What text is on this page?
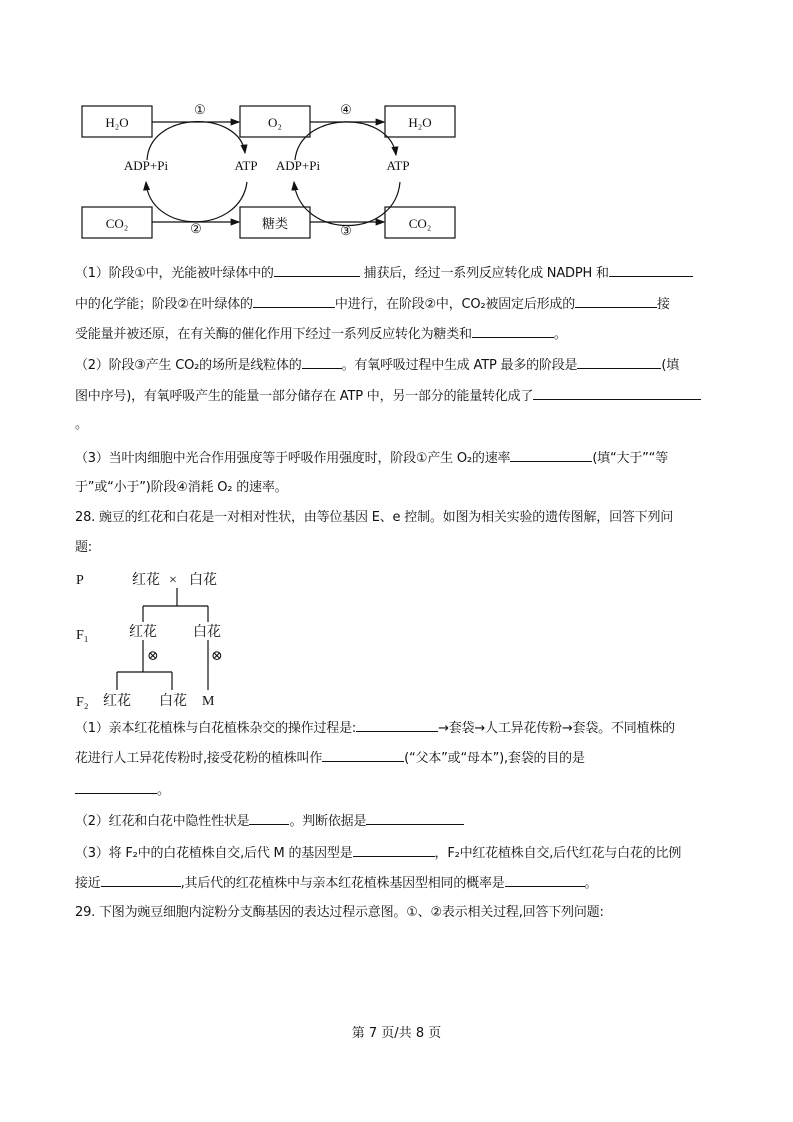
H₂O	O₂	H₂O
CO₂	糖类	CO₂
①	④
②	③
ADP+Pi	ATP ADP+Pi	ATP
（1）阶段①中，光能被叶绿体中的	捕获后，经过一系列反应转化成 NADPH 和
中的化学能；阶段②在叶绿体的	中进行，在阶段②中，CO₂被固定后形成的	接
受能量并被还原，在有关酶的催化作用下经过一系列反应转化为糖类和	。
（2）阶段③产生 CO₂的场所是线粒体的	。有氧呼吸过程中生成 ATP 最多的阶段是	(填
图中序号)，有氧呼吸产生的能量一部分储存在 ATP 中，另一部分的能量转化成了
。
（3）当叶肉细胞中光合作用强度等于呼吸作用强度时，阶段①产生 O₂的速率	(填“大于”“等
于”或“小于”)阶段④消耗 O₂ 的速率。
28. 豌豆的红花和白花是一对相对性状，由等位基因 E、e 控制。如图为相关实验的遗传图解，回答下列问
题:
P	红花 × 白花
F₁	红花	白花
⊗	⊗
F₂ 红花 白花 M
（1）亲本红花植株与白花植株杂交的操作过程是:	→套袋→人工异花传粉→套袋。不同植株的
花进行人工异花传粉时,接受花粉的植株叫作	(“父本”或“母本”),套袋的目的是
。
（2）红花和白花中隐性性状是	。判断依据是
（3）将 F₂中的白花植株自交,后代 M 的基因型是	，F₂中红花植株自交,后代红花与白花的比例
接近	,其后代的红花植株中与亲本红花植株基因型相同的概率是	。
29. 下图为豌豆细胞内淀粉分支酶基因的表达过程示意图。①、②表示相关过程,回答下列问题:
第 7 页/共 8 页
